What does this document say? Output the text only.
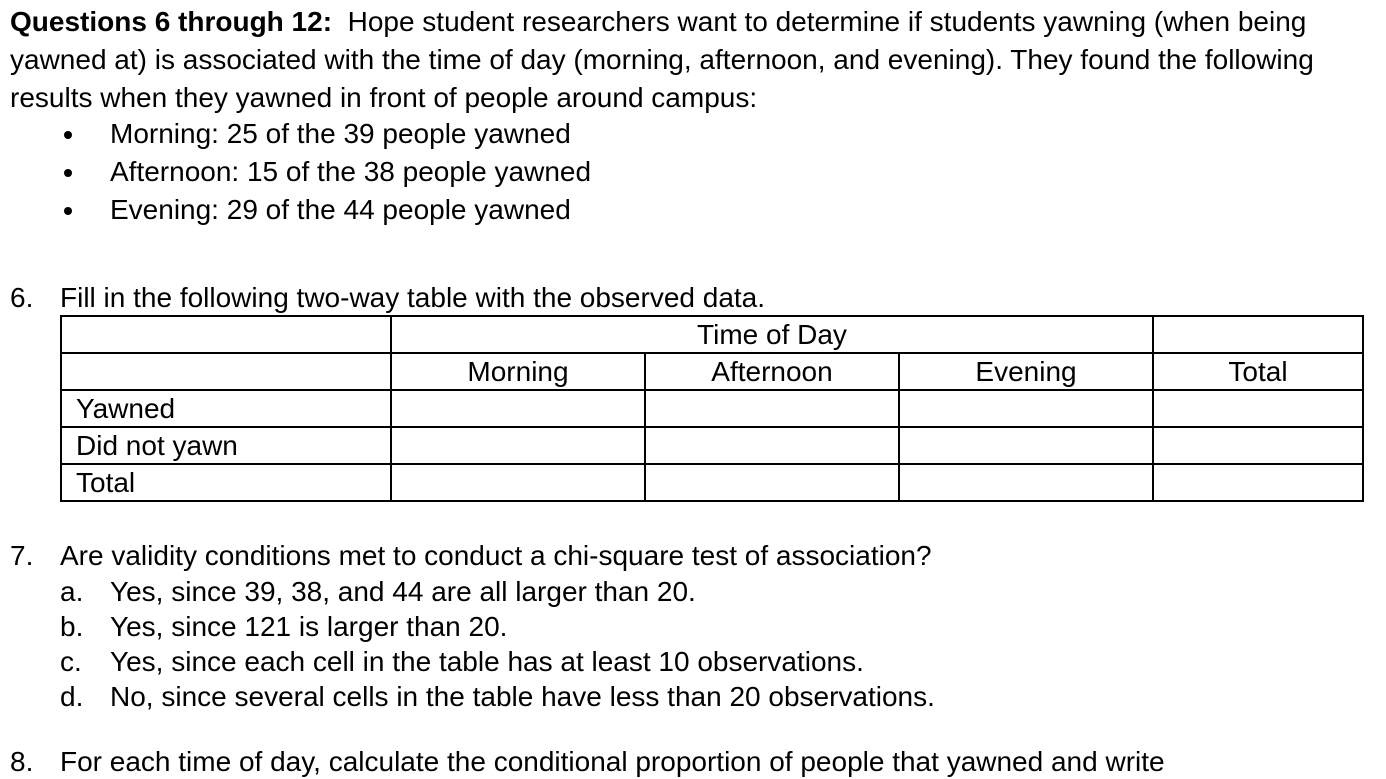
Questions 6 through 12: Hope student researchers want to determine if students yawning (when being yawned at) is associated with the time of day (morning, afternoon, and evening). They found the following results when they yawned in front of people around campus:
Morning: 25 of the 39 people yawned
Afternoon: 15 of the 38 people yawned
Evening: 29 of the 44 people yawned
6. Fill in the following two-way table with the observed data.
	Time of Day			
	Morning	Afternoon	Evening	Total
Yawned				
Did not yawn				
Total				
7. Are validity conditions met to conduct a chi-square test of association?
a. Yes, since 39, 38, and 44 are all larger than 20.
b. Yes, since 121 is larger than 20.
c. Yes, since each cell in the table has at least 10 observations.
d. No, since several cells in the table have less than 20 observations.
8. For each time of day, calculate the conditional proportion of people that yawned and write
